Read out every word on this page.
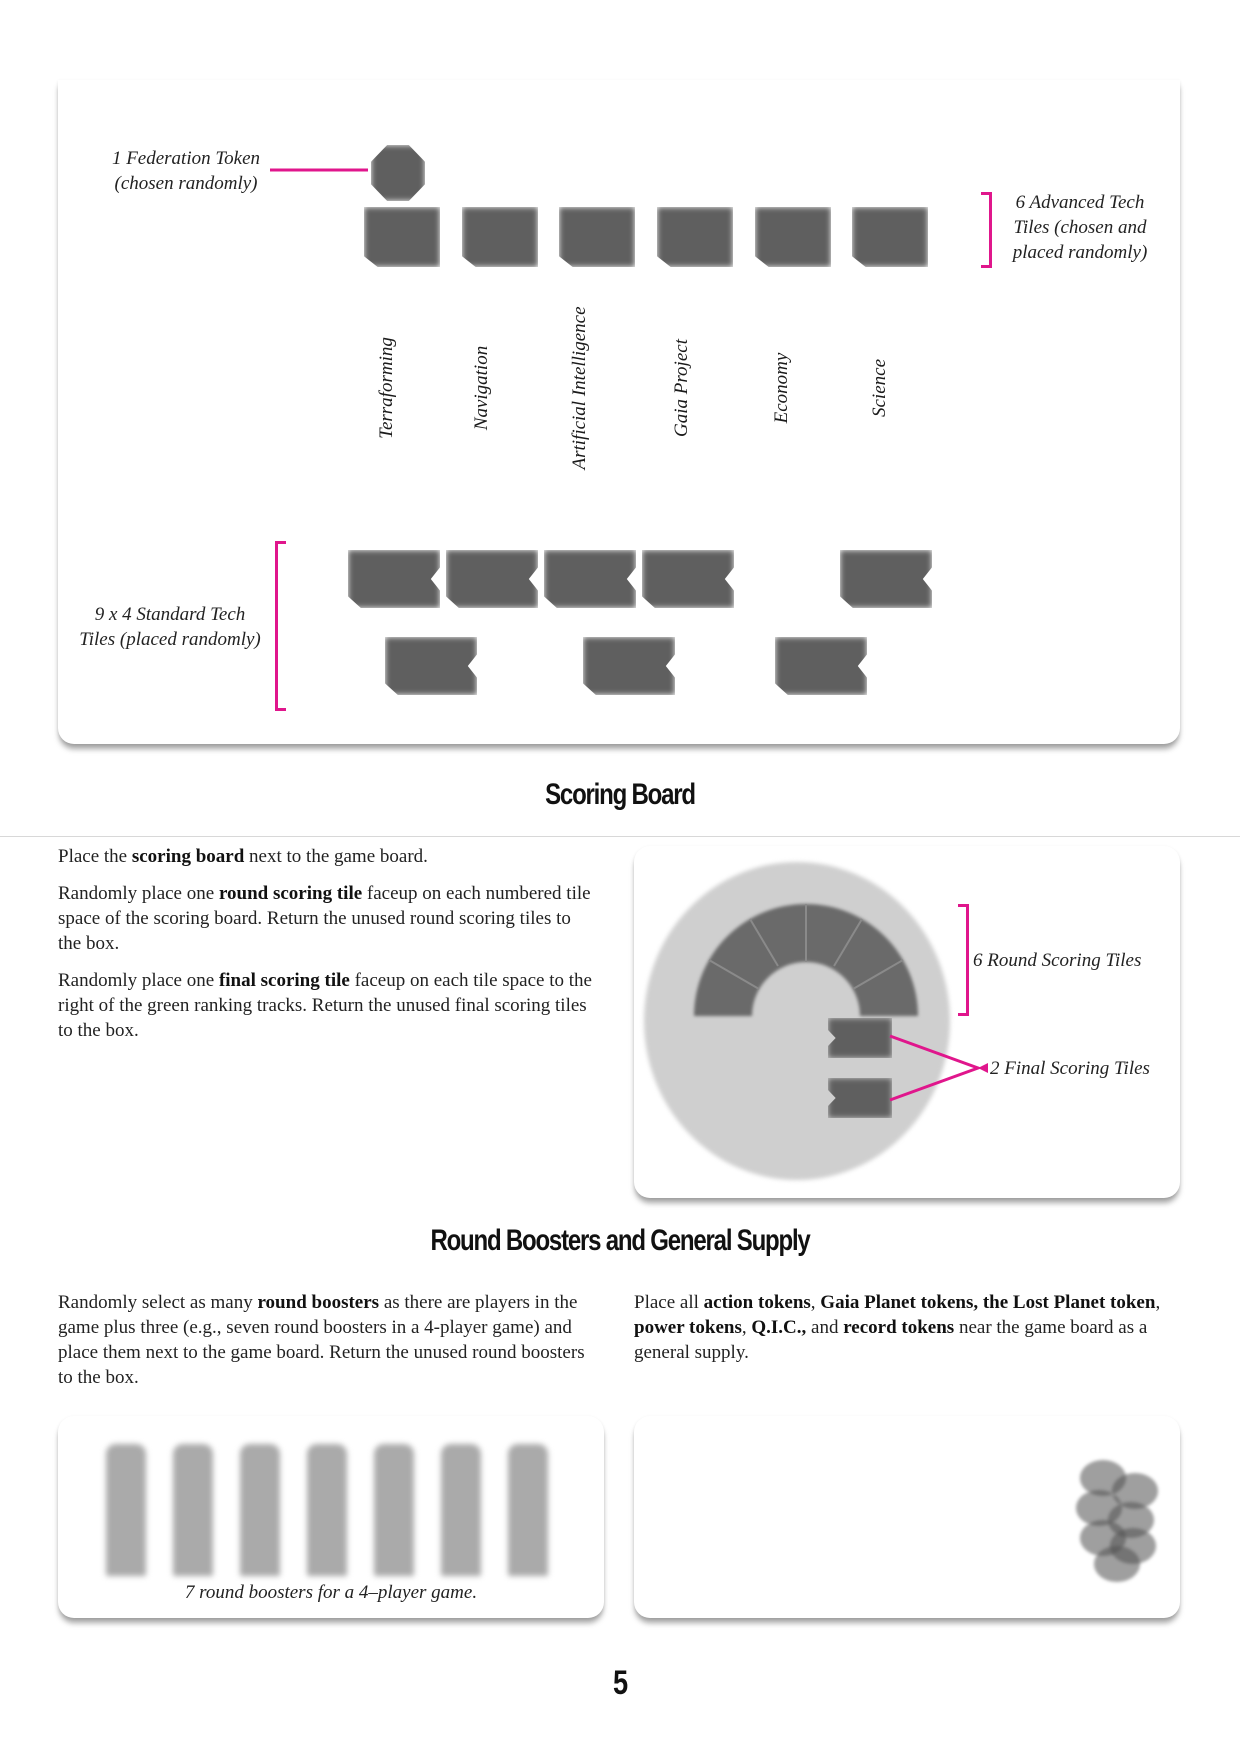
1 Federation Token
(chosen randomly)
6 Advanced Tech
Tiles (chosen and
placed randomly)
Terraforming	Navigation	Artificial Intelligence	Gaia Project	Economy	Science
9 x 4 Standard Tech
Tiles (placed randomly)
Scoring Board

Place the scoring board next to the game board.

Randomly place one round scoring tile faceup on each numbered tile space of the scoring board. Return the unused round scoring tiles to the box.

Randomly place one final scoring tile faceup on each tile space to the right of the green ranking tracks. Return the unused final scoring tiles to the box.

6 Round Scoring Tiles
2 Final Scoring Tiles
Round Boosters and General Supply

Randomly select as many round boosters as there are players in the game plus three (e.g., seven round boosters in a 4-player game) and place them next to the game board. Return the unused round boosters to the box.

Place all action tokens, Gaia Planet tokens, the Lost Planet token, power tokens, Q.I.C., and record tokens near the game board as a general supply.

7 round boosters for a 4–player game.
5
